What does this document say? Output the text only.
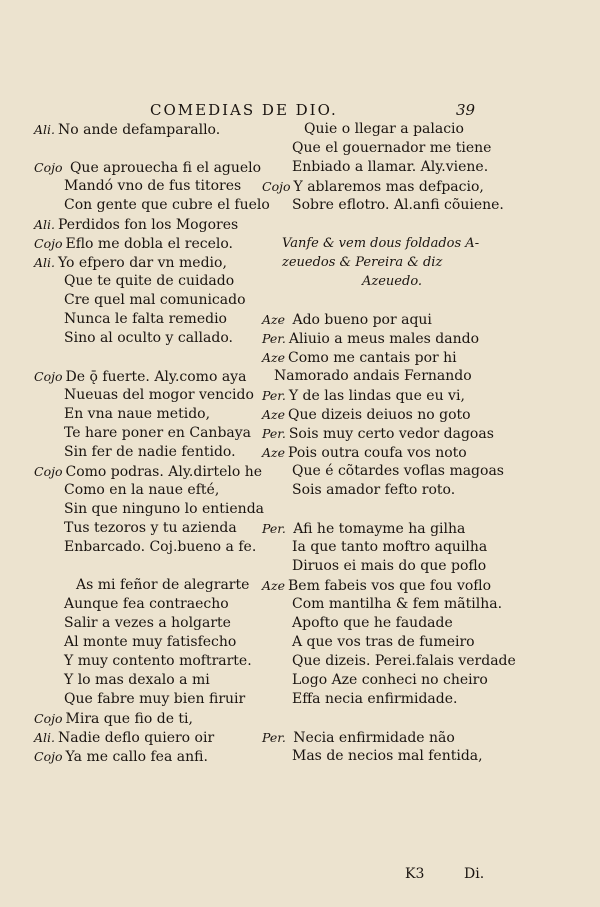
COMEDIAS DE DIO.	39
Ali. No ande defamparallo.
Cojo Que aprouecha fi el aguelo
Mandó vno de fus titores
Con gente que cubre el fuelo
Ali. Perdidos fon los Mogores
Cojo Eflo me dobla el recelo.
Ali. Yo efpero dar vn medio,
Que te quite de cuidado
Cre quel mal comunicado
Nunca le falta remedio
Sino al oculto y callado.
Cojo De ǭ fuerte. Aly.como aya
Nueuas del mogor vencido
En vna naue metido,
Te hare poner en Canbaya
Sin fer de nadie fentido.
Cojo Como podras. Aly.dirtelo he
Como en la naue efté,
Sin que ninguno lo entienda
Tus tezoros y tu azienda
Enbarcado. Coj.bueno a fe.
As mi feñor de alegrarte
Aunque fea contraecho
Salir a vezes a holgarte
Al monte muy fatisfecho
Y muy contento moftrarte.
Y lo mas dexalo a mi
Que fabre muy bien firuir
Cojo Mira que fio de ti,
Ali. Nadie deflo quiero oir
Cojo Ya me callo fea anfi.
Quie o llegar a palacio
Que el gouernador me tiene
Enbiado a llamar. Aly.viene.
Cojo Y ablaremos mas defpacio,
Sobre eflotro. Al.anfi cõuiene.
Vanfe & vem dous foldados A-
zeuedos & Pereira & diz
Azeuedo.
Aze Ado bueno por aqui
Per. Aliuio a meus males dando
Aze Como me cantais por hi
Namorado andais Fernando
Per. Y de las lindas que eu vi,
Aze Que dizeis deiuos no goto
Per. Sois muy certo vedor dagoas
Aze Pois outra coufa vos noto
Que é cõtardes voflas magoas
Sois amador fefto roto.
Per. Afi he tomayme ha gilha
Ia que tanto moftro aquilha
Diruos ei mais do que poflo
Aze Bem fabeis vos que fou voflo
Com mantilha & fem mãtilha.
Apofto que he faudade
A que vos tras de fumeiro
Que dizeis. Perei.falais verdade
Logo Aze conheci no cheiro
Effa necia enfirmidade.
Per. Necia enfirmidade não
Mas de necios mal fentida,
K3	Di.
